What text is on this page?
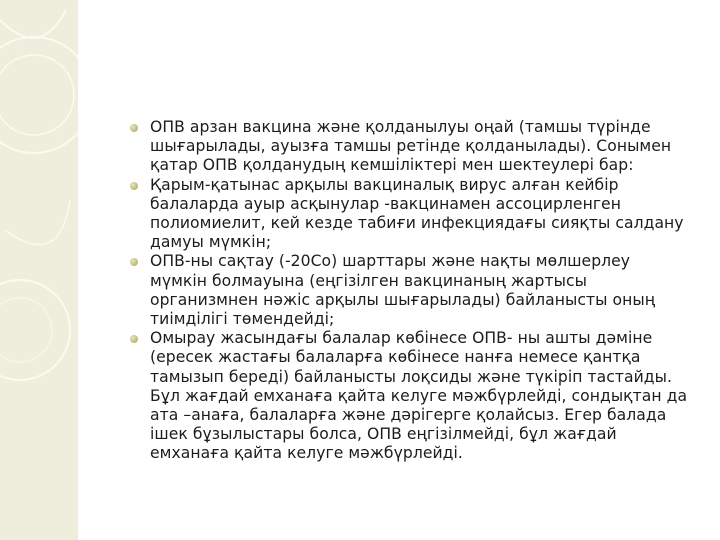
ОПВ арзан вакцина және қолданылуы оңай (тамшы түрінде
шығарылады, ауызға тамшы ретінде қолданылады). Сонымен
қатар ОПВ қолданудың кемшіліктері мен шектеулері бар:
Қарым-қатынас арқылы вакциналық вирус алған кейбір
балаларда ауыр асқынулар -вакцинамен ассоцирленген
полиомиелит, кей кезде табиғи инфекциядағы сияқты салдану
дамуы мүмкін;
ОПВ-ны сақтау (-20Со) шарттары және нақты мөлшерлеу
мүмкін болмауына (еңгізілген вакцинаның жартысы
организмнен нәжіс арқылы шығарылады) байланысты оның
тиімділігі төмендейді;
Омырау жасындағы балалар көбінесе ОПВ- ны ашты дәміне
(ересек жастағы балаларға көбінесе нанға немесе қантқа
тамызып береді) байланысты лоқсиды және түкіріп тастайды.
Бұл жағдай емханаға қайта келуге мәжбүрлейді, сондықтан да
ата –анаға, балаларға және дәрігерге қолайсыз. Егер балада
ішек бұзылыстары болса, ОПВ еңгізілмейді, бұл жағдай
емханаға қайта келуге мәжбүрлейді.
